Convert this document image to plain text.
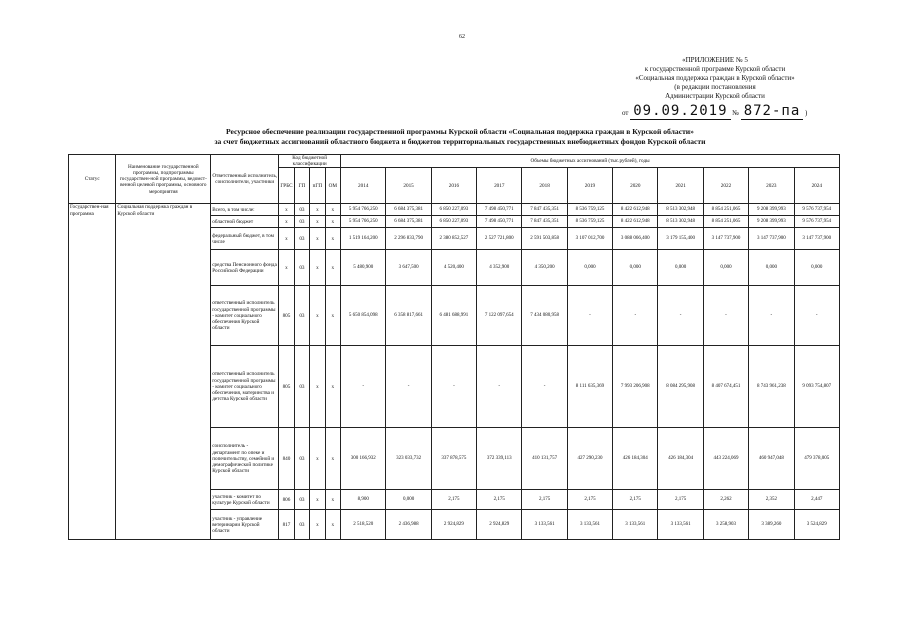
62
«ПРИЛОЖЕНИЕ № 5
к государственной программе Курской области
«Социальная поддержка граждан в Курской области»
(в редакции постановления
Администрации Курской области
от 09.09.2019 № 872-па )
Ресурсное обеспечение реализации государственной программы Курской области «Социальная поддержка граждан в Курской области»
за счет бюджетных ассигнований областного бюджета и бюджетов территориальных государственных внебюджетных фондов Курской области
Статус	Наименование государственной программы, подпрограммы государствен-ной программы, ведомст-венной целевой программы, основного мероприятия	Ответственный исполнитель, соисполнители, участники	Код бюджетной классификации				Объемы бюджетных ассигнований (тыс.рублей), годы										
			ГРБС	ГП	пГП	ОМ	2014	2015	2016	2017	2018	2019	2020	2021	2022	2023	2024
Государствен-ная программа	Социальная поддержка граждан в Курской области	Всего, в том числе:	х	03	х	х	5 954 766,250	6 684 375,381	6 850 227,093	7 498 450,771	7 847 435,351	8 536 759,125	8 422 612,948	8 513 302,948	8 854 251,065	9 208 399,993	9 576 737,954
		областной бюджет	х	03	х	х	5 954 766,250	6 684 375,381	6 850 227,093	7 498 450,771	7 847 435,351	8 536 759,125	8 422 612,948	8 513 302,948	8 854 251,065	9 208 399,993	9 576 737,954
		федеральный бюджет, в том числе	х	03	х	х	1 519 164,200	2 296 833,790	2 380 852,527	2 527 721,800	2 591 503,858	3 107 012,700	3 088 066,400	3 179 155,400	3 147 737,900	3 147 737,900	3 147 737,900
		средства Пенсионного фонда Российской Федерации	х	03	х	х	5 480,900	3 647,500	4 520,400	4 352,900	4 350,200	0,000	0,000	0,000	0,000	0,000	0,000
		ответственный исполнитель государственной программы - комитет социального обеспечения Курской области	805	03	х	х	5 650 854,098	6 358 817,661	6 481 688,991	7 122 097,654	7 434 080,958	-	-	-	-	-	-
		ответственный исполнитель государственной программы - комитет социального обеспечения, материнства и детства Курской области	805	03	х	х	-	-	-	-	-	8 111 635,369	7 993 206,908	8 084 295,908	8 407 674,451	8 743 961,238	9 093 754,807
		соисполнитель - департамент по опеке и попечительству, семейной и демографической политике Курской области	840	03	х	х	300 166,932	323 033,732	337 878,575	372 339,113	410 131,757	427 290,230	426 184,304	426 184,304	443 224,069	460 947,048	479 378,005
		участник - комитет по культуре Курской области	806	03	х	х	8,900	0,000	2,175	2,175	2,175	2,175	2,175	2,175	2,262	2,352	2,447
		участник - управление ветеринарии Курской области	817	03	х	х	2 518,520	2 436,988	2 924,829	2 924,829	3 133,561	3 133,561	3 133,561	3 133,561	3 258,903	3 389,260	3 524,829
